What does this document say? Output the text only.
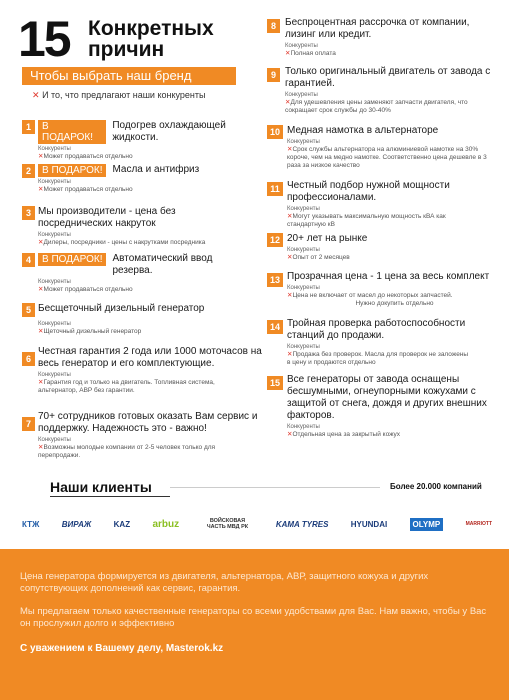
15 Конкретных
причин
Чтобы выбрать наш бренд
✕ И то, что предлагают наши конкуренты
1	В ПОДАРОК!
Подогрев охлаждающей жидкости.
Конкуренты
✕Может продаваться отдельно
2	В ПОДАРОК!	Масла и антифриз
Конкуренты
✕Может продаваться отдельно
3 Мы производители - цена без посреднических накруток
Конкуренты
✕Дилеры, посредники - цены с накрутками посредника
4	В ПОДАРОК!	Автоматический ввод резерва.
Конкуренты
✕Может продаваться отдельно
5 Бесщеточный дизельный генератор
Конкуренты
✕Щеточный дизельный генератор
6
Честная гарантия 2 года или 1000 моточасов на весь генератор и его комплектующие.
Конкуренты
✕Гарантия год и только на двигатель. Топливная система, альтернатор, АВР без гарантии.
7
70+ сотрудников готовых оказать Вам сервис и поддержку. Надежность это - важно!
Конкуренты
✕Возможны молодые компании от 2-5 человек только для перепродажи.
8 Беспроцентная рассрочка от компании, лизинг или кредит.
Конкуренты
✕Полная оплата
9 Только оригинальный двигатель от завода с гарантией.
Конкуренты
✕Для удешевления цены заменяют запчасти двигателя, что сокращает срок службы до 30-40%
10 Медная намотка в альтернаторе
Конкуренты
✕Срок службы альтернатора на алюминиевой намотке на 30% короче, чем на медно намотке. Соответственно цена дешевле в 3 раза за низкое качество
11 Честный подбор нужной мощности профессионалами.
Конкуренты
✕Могут указывать максимальную мощность кВА как стандартную кВ
12 20+ лет на рынке
Конкуренты
✕Опыт от 2 месяцев
13 Прозрачная цена - 1 цена за весь комплект
Конкуренты
✕Цена не включает от масел до некоторых запчастей.
Нужно докупить отдельно
14 Тройная проверка работоспособности станций до продажи.
Конкуренты
✕Продажа без проверок. Масла для проверок не заложены в цену и продаются отдельно
15 Все генераторы от завода оснащены бесшумными, огнеупорными кожухами с защитой от снега, дождя и других внешних факторов.
Конкуренты
✕Отдельная цена за закрытый кожух
Наши клиенты	Более 20.000 компаний
КТЖ	ВИРАЖ	KAZ arbuz	ВОЙСКОВАЯ ЧАСТЬ МВД РК	KAMA TYRES	HYUNDAI	OLYMP	MARRIOTT

Цена генератора формируется из двигателя, альтернатора, АВР, защитного кожуха и других сопутствующих дополнений как сервис, гарантия.

Мы предлагаем только качественные генераторы со всеми удобствами для Вас. Нам важно, чтобы у Вас он прослужил долго и эффективно

С уважением к Вашему делу, Masterok.kz
